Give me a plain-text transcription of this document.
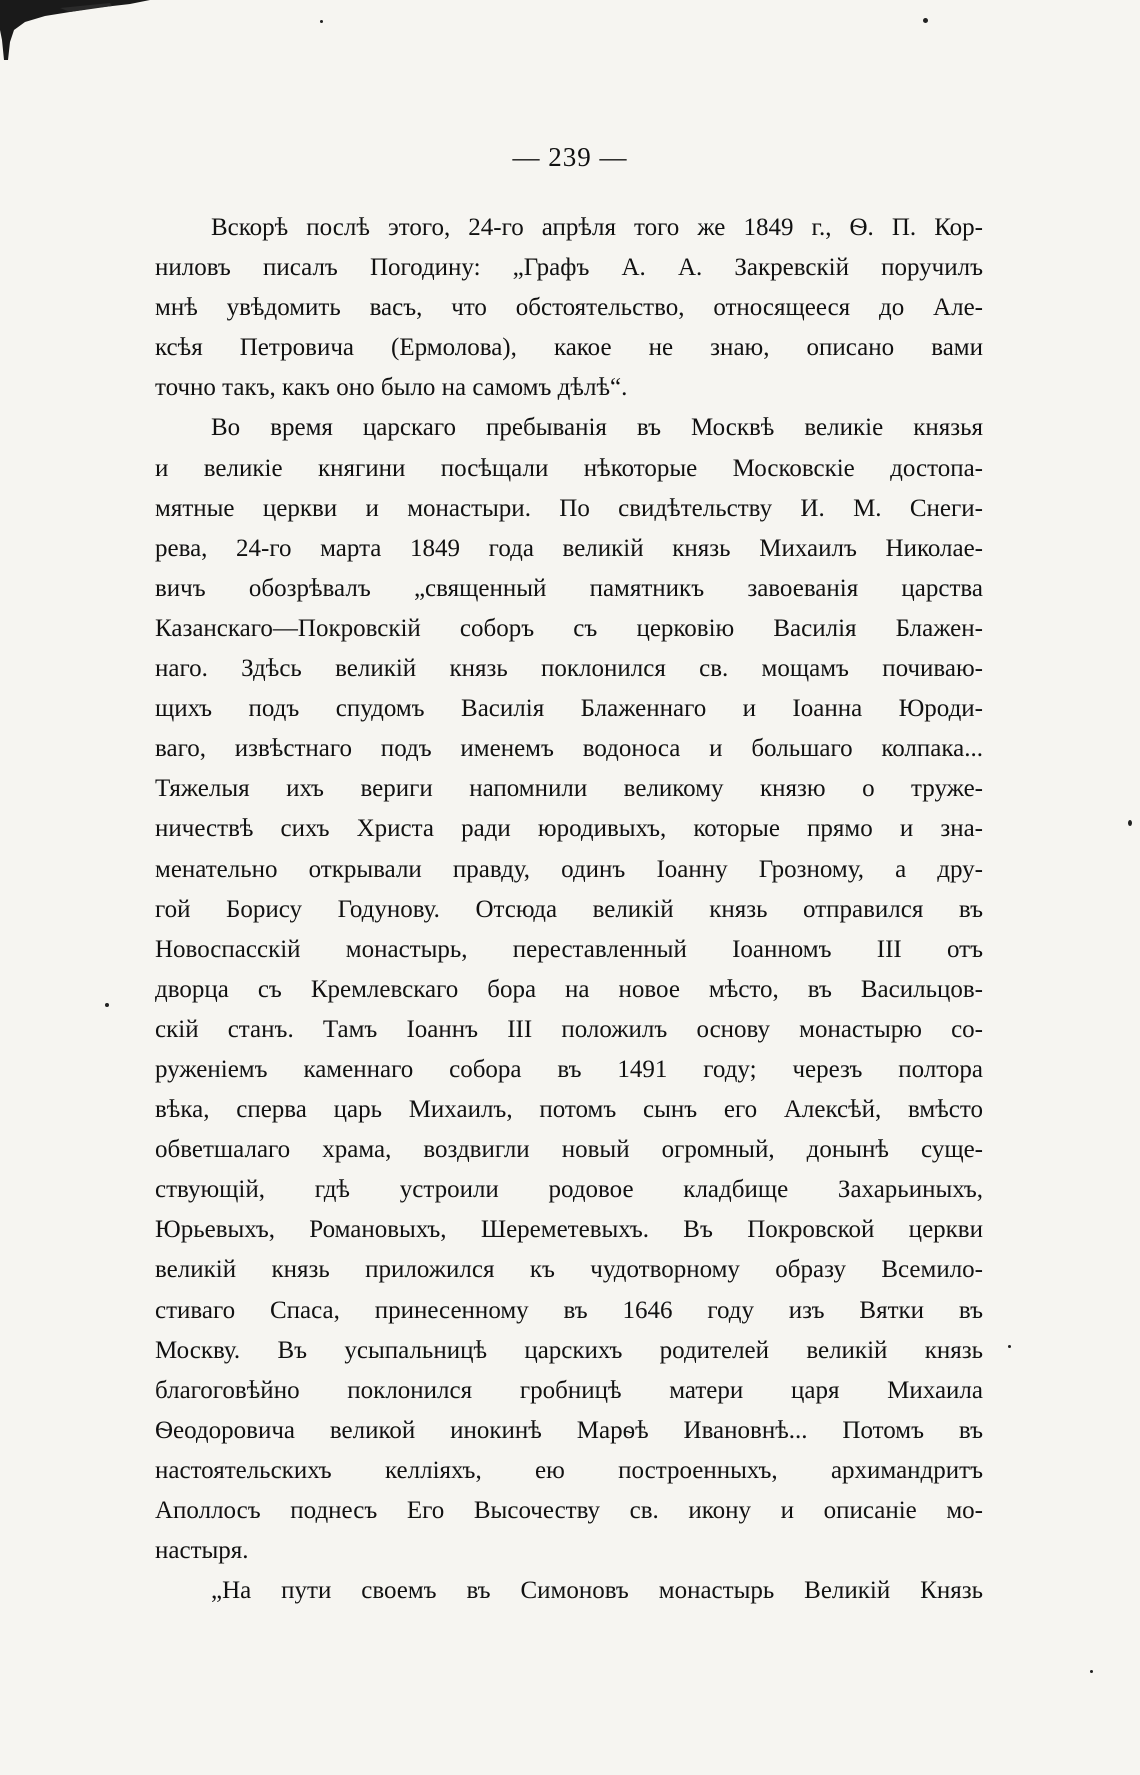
— 239 —
Вскорѣ послѣ этого, 24-го апрѣля того же 1849 г., Ѳ. П. Кор-
ниловъ писалъ Погодину: „Графъ А. А. Закревскій поручилъ
мнѣ увѣдомить васъ, что обстоятельство, относящееся до Але-
ксѣя Петровича (Ермолова), какое не знаю, описано вами
точно такъ, какъ оно было на самомъ дѣлѣ“.
Во время царскаго пребыванія въ Москвѣ великіе князья
и великіе княгини посѣщали нѣкоторые Московскіе достопа-
мятные церкви и монастыри. По свидѣтельству И. М. Снеги-
рева, 24-го марта 1849 года великій князь Михаилъ Николае-
вичъ обозрѣвалъ „священный памятникъ завоеванія царства
Казанскаго—Покровскій соборъ съ церковію Василія Блажен-
наго. Здѣсь великій князь поклонился св. мощамъ почиваю-
щихъ подъ спудомъ Василія Блаженнаго и Іоанна Юроди-
ваго, извѣстнаго подъ именемъ водоноса и большаго колпака...
Тяжелыя ихъ вериги напомнили великому князю о труже-
ничествѣ сихъ Христа ради юродивыхъ, которые прямо и зна-
менательно открывали правду, одинъ Іоанну Грозному, а дру-
гой Борису Годунову. Отсюда великій князь отправился въ
Новоспасскій монастырь, переставленный Іоанномъ III отъ
дворца съ Кремлевскаго бора на новое мѣсто, въ Васильцов-
скій станъ. Тамъ Іоаннъ III положилъ основу монастырю со-
руженіемъ каменнаго собора въ 1491 году; черезъ полтора
вѣка, сперва царь Михаилъ, потомъ сынъ его Алексѣй, вмѣсто
обветшалаго храма, воздвигли новый огромный, донынѣ суще-
ствующій, гдѣ устроили родовое кладбище Захарьиныхъ,
Юрьевыхъ, Романовыхъ, Шереметевыхъ. Въ Покровской церкви
великій князь приложился къ чудотворному образу Всемило-
стиваго Спаса, принесенному въ 1646 году изъ Вятки въ
Москву. Въ усыпальницѣ царскихъ родителей великій князь
благоговѣйно поклонился гробницѣ матери царя Михаила
Ѳеодоровича великой инокинѣ Марѳѣ Ивановнѣ... Потомъ въ
настоятельскихъ келліяхъ, ею построенныхъ, архимандритъ
Аполлосъ поднесъ Его Высочеству св. икону и описаніе мо-
настыря.
„На пути своемъ въ Симоновъ монастырь Великій Князь
